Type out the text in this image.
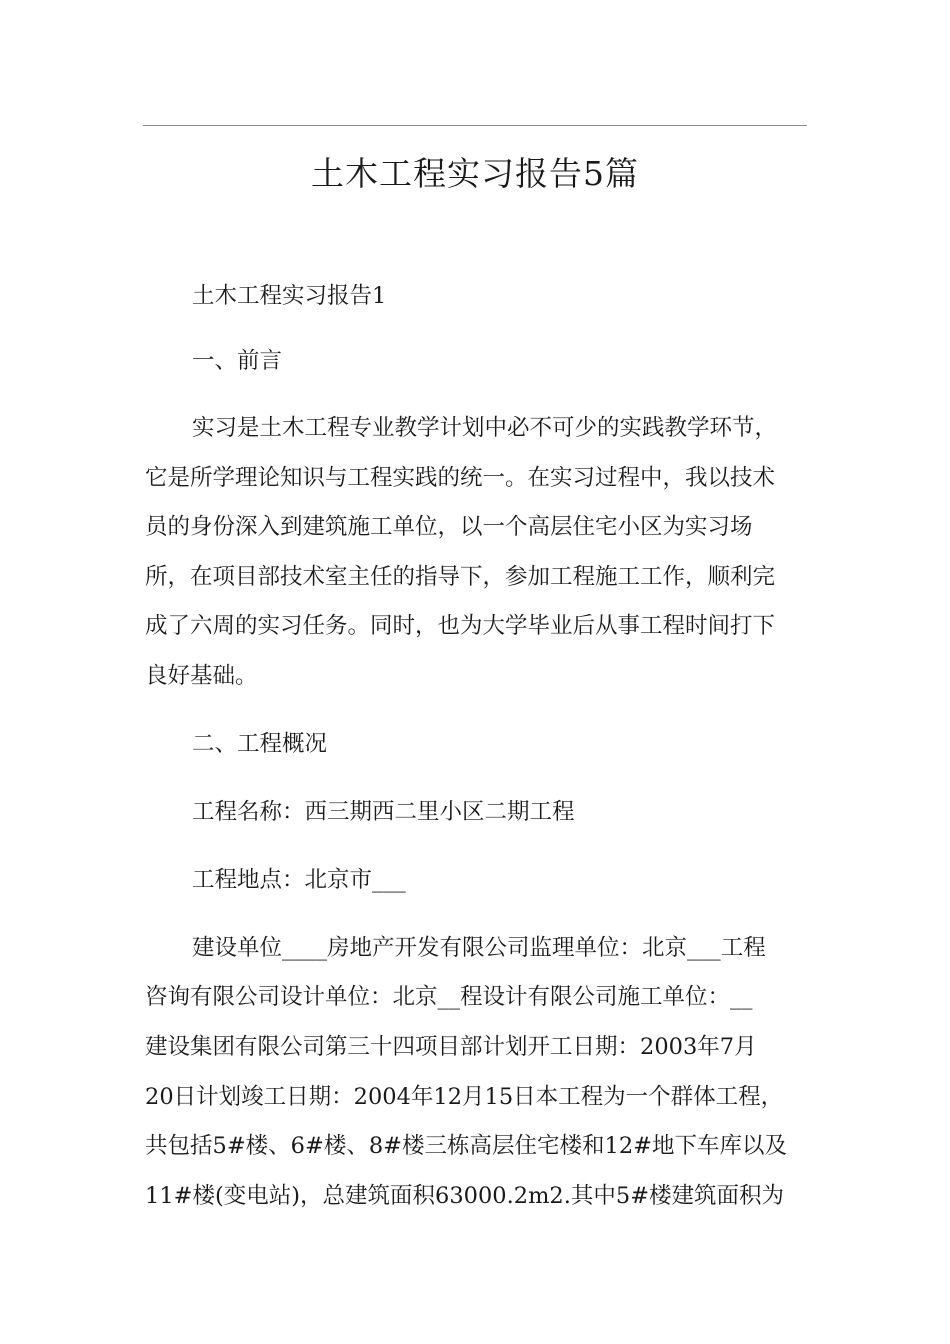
土木工程实习报告5篇
土木工程实习报告1
一、前言
实习是土木工程专业教学计划中必不可少的实践教学环节，
它是所学理论知识与工程实践的统一。在实习过程中，我以技术
员的身份深入到建筑施工单位，以一个高层住宅小区为实习场
所，在项目部技术室主任的指导下，参加工程施工工作，顺利完
成了六周的实习任务。同时，也为大学毕业后从事工程时间打下
良好基础。
二、工程概况
工程名称：西三期西二里小区二期工程
工程地点：北京市___
建设单位____房地产开发有限公司监理单位：北京___工程
咨询有限公司设计单位：北京__程设计有限公司施工单位：__
建设集团有限公司第三十四项目部计划开工日期：2003年7月
20日计划竣工日期：2004年12月15日本工程为一个群体工程，
共包括5#楼、6#楼、8#楼三栋高层住宅楼和12#地下车库以及
11#楼(变电站)，总建筑面积63000.2m2.其中5#楼建筑面积为
